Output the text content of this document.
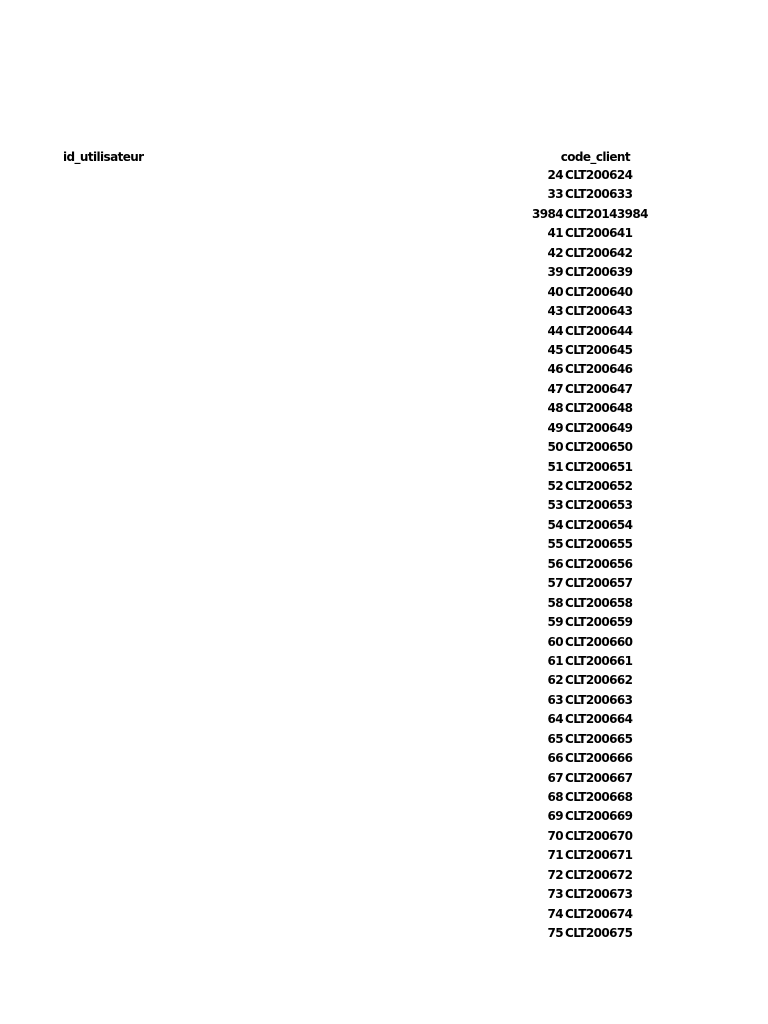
id_utilisateur	code_client
24 CLT200624
33 CLT200633
3984 CLT20143984
41 CLT200641
42 CLT200642
39 CLT200639
40 CLT200640
43 CLT200643
44 CLT200644
45 CLT200645
46 CLT200646
47 CLT200647
48 CLT200648
49 CLT200649
50 CLT200650
51 CLT200651
52 CLT200652
53 CLT200653
54 CLT200654
55 CLT200655
56 CLT200656
57 CLT200657
58 CLT200658
59 CLT200659
60 CLT200660
61 CLT200661
62 CLT200662
63 CLT200663
64 CLT200664
65 CLT200665
66 CLT200666
67 CLT200667
68 CLT200668
69 CLT200669
70 CLT200670
71 CLT200671
72 CLT200672
73 CLT200673
74 CLT200674
75 CLT200675
